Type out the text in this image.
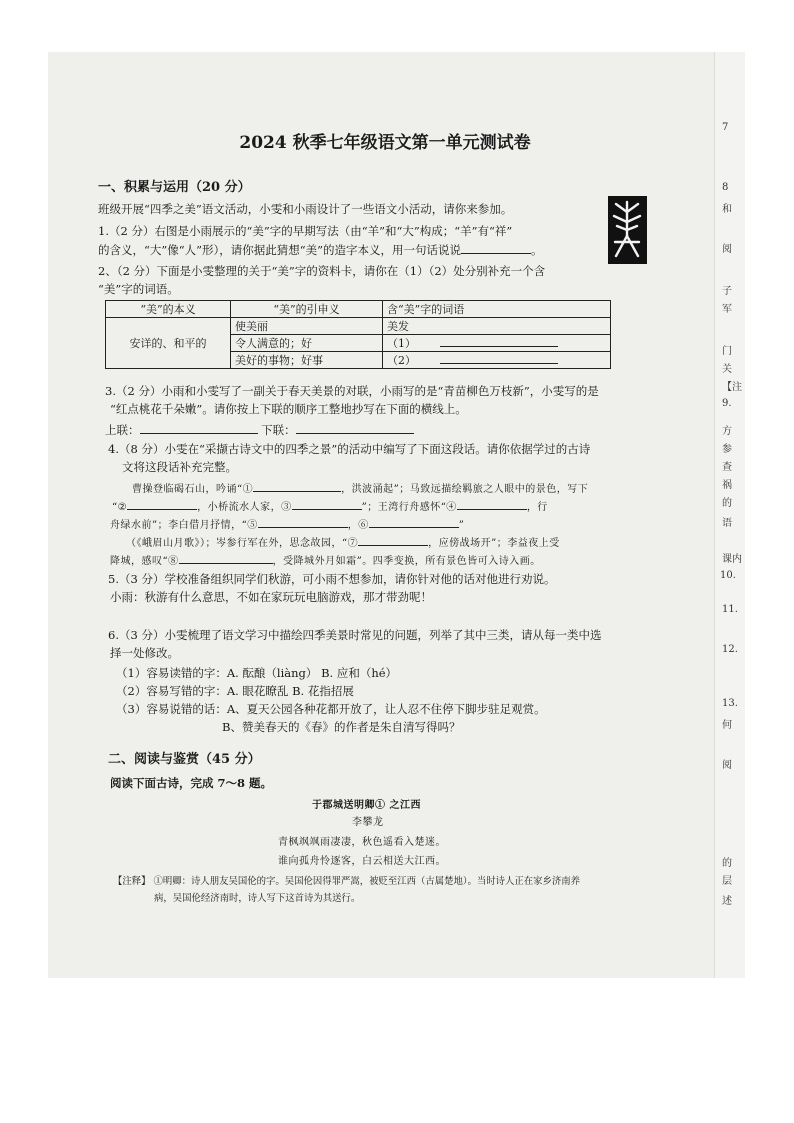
7
8
和
阅
子
军
门
关
【注
9.
方
参
查
祸
的
语
课内
10.
11.
12.
13.
何
阅
的
层
述
2024 秋季七年级语文第一单元测试卷
一、积累与运用（20 分）
班级开展“四季之美”语文活动，小雯和小雨设计了一些语文小活动，请你来参加。
1.（2 分）右图是小雨展示的“美”字的早期写法（由“羊”和“大”构成；“羊”有“祥”
的含义，“大”像“人”形），请你据此猜想“美”的造字本义，用一句话说说	。
2、（2 分）下面是小雯整理的关于“美”字的资料卡，请你在（1）（2）处分别补充一个含
“美”字的词语。
“美”的本义	“美”的引申义	含“美”字的词语
安详的、和平的	使美丽	美发
	令人满意的；好	（1）
	美好的事物；好事	（2）
3.（2 分）小雨和小雯写了一副关于春天美景的对联，小雨写的是“青苗柳色万枝新”，小雯写的是
“红点桃花千朵嫩”。请你按上下联的顺序工整地抄写在下面的横线上。
上联：	下联：
4.（8 分）小雯在“采撷古诗文中的四季之景”的活动中编写了下面这段话。请你依据学过的古诗
文将这段话补充完整。
曹操登临碣石山，吟诵“①	，洪波涌起”；马致远描绘羁旅之人眼中的景色，写下
“②	，小桥流水人家，③	”；王湾行舟感怀“④	，行
舟绿水前”；李白借月抒情，“⑤	，⑥	”
（《峨眉山月歌》）；岑参行军在外，思念故园，“⑦	，应傍战场开”；李益夜上受
降城，感叹“⑧	，受降城外月如霜”。四季变换，所有景色皆可入诗入画。
5.（3 分）学校准备组织同学们秋游，可小雨不想参加，请你针对他的话对他进行劝说。
小雨：秋游有什么意思，不如在家玩玩电脑游戏，那才带劲呢！
6.（3 分）小雯梳理了语文学习中描绘四季美景时常见的问题，列举了其中三类，请从每一类中选
择一处修改。
（1）容易读错的字：A. 酝酿（liàng） B. 应和（hé）
（2）容易写错的字：A. 眼花瞭乱 B. 花指招展
（3）容易说错的话：A、夏天公园各种花都开放了，让人忍不住停下脚步驻足观赏。
B、赞美春天的《春》的作者是朱自清写得吗？
二、阅读与鉴赏（45 分）
阅读下面古诗，完成 7～8 题。
于郡城送明卿① 之江西
李攀龙
青枫飒飒雨凄凄，秋色遥看入楚迷。
谁向孤舟怜逐客，白云相送大江西。
【注释】 ①明卿：诗人朋友吴国伦的字。吴国伦因得罪严嵩，被贬至江西（古属楚地）。当时诗人正在家乡济南养
病，吴国伦经济南时，诗人写下这首诗为其送行。
